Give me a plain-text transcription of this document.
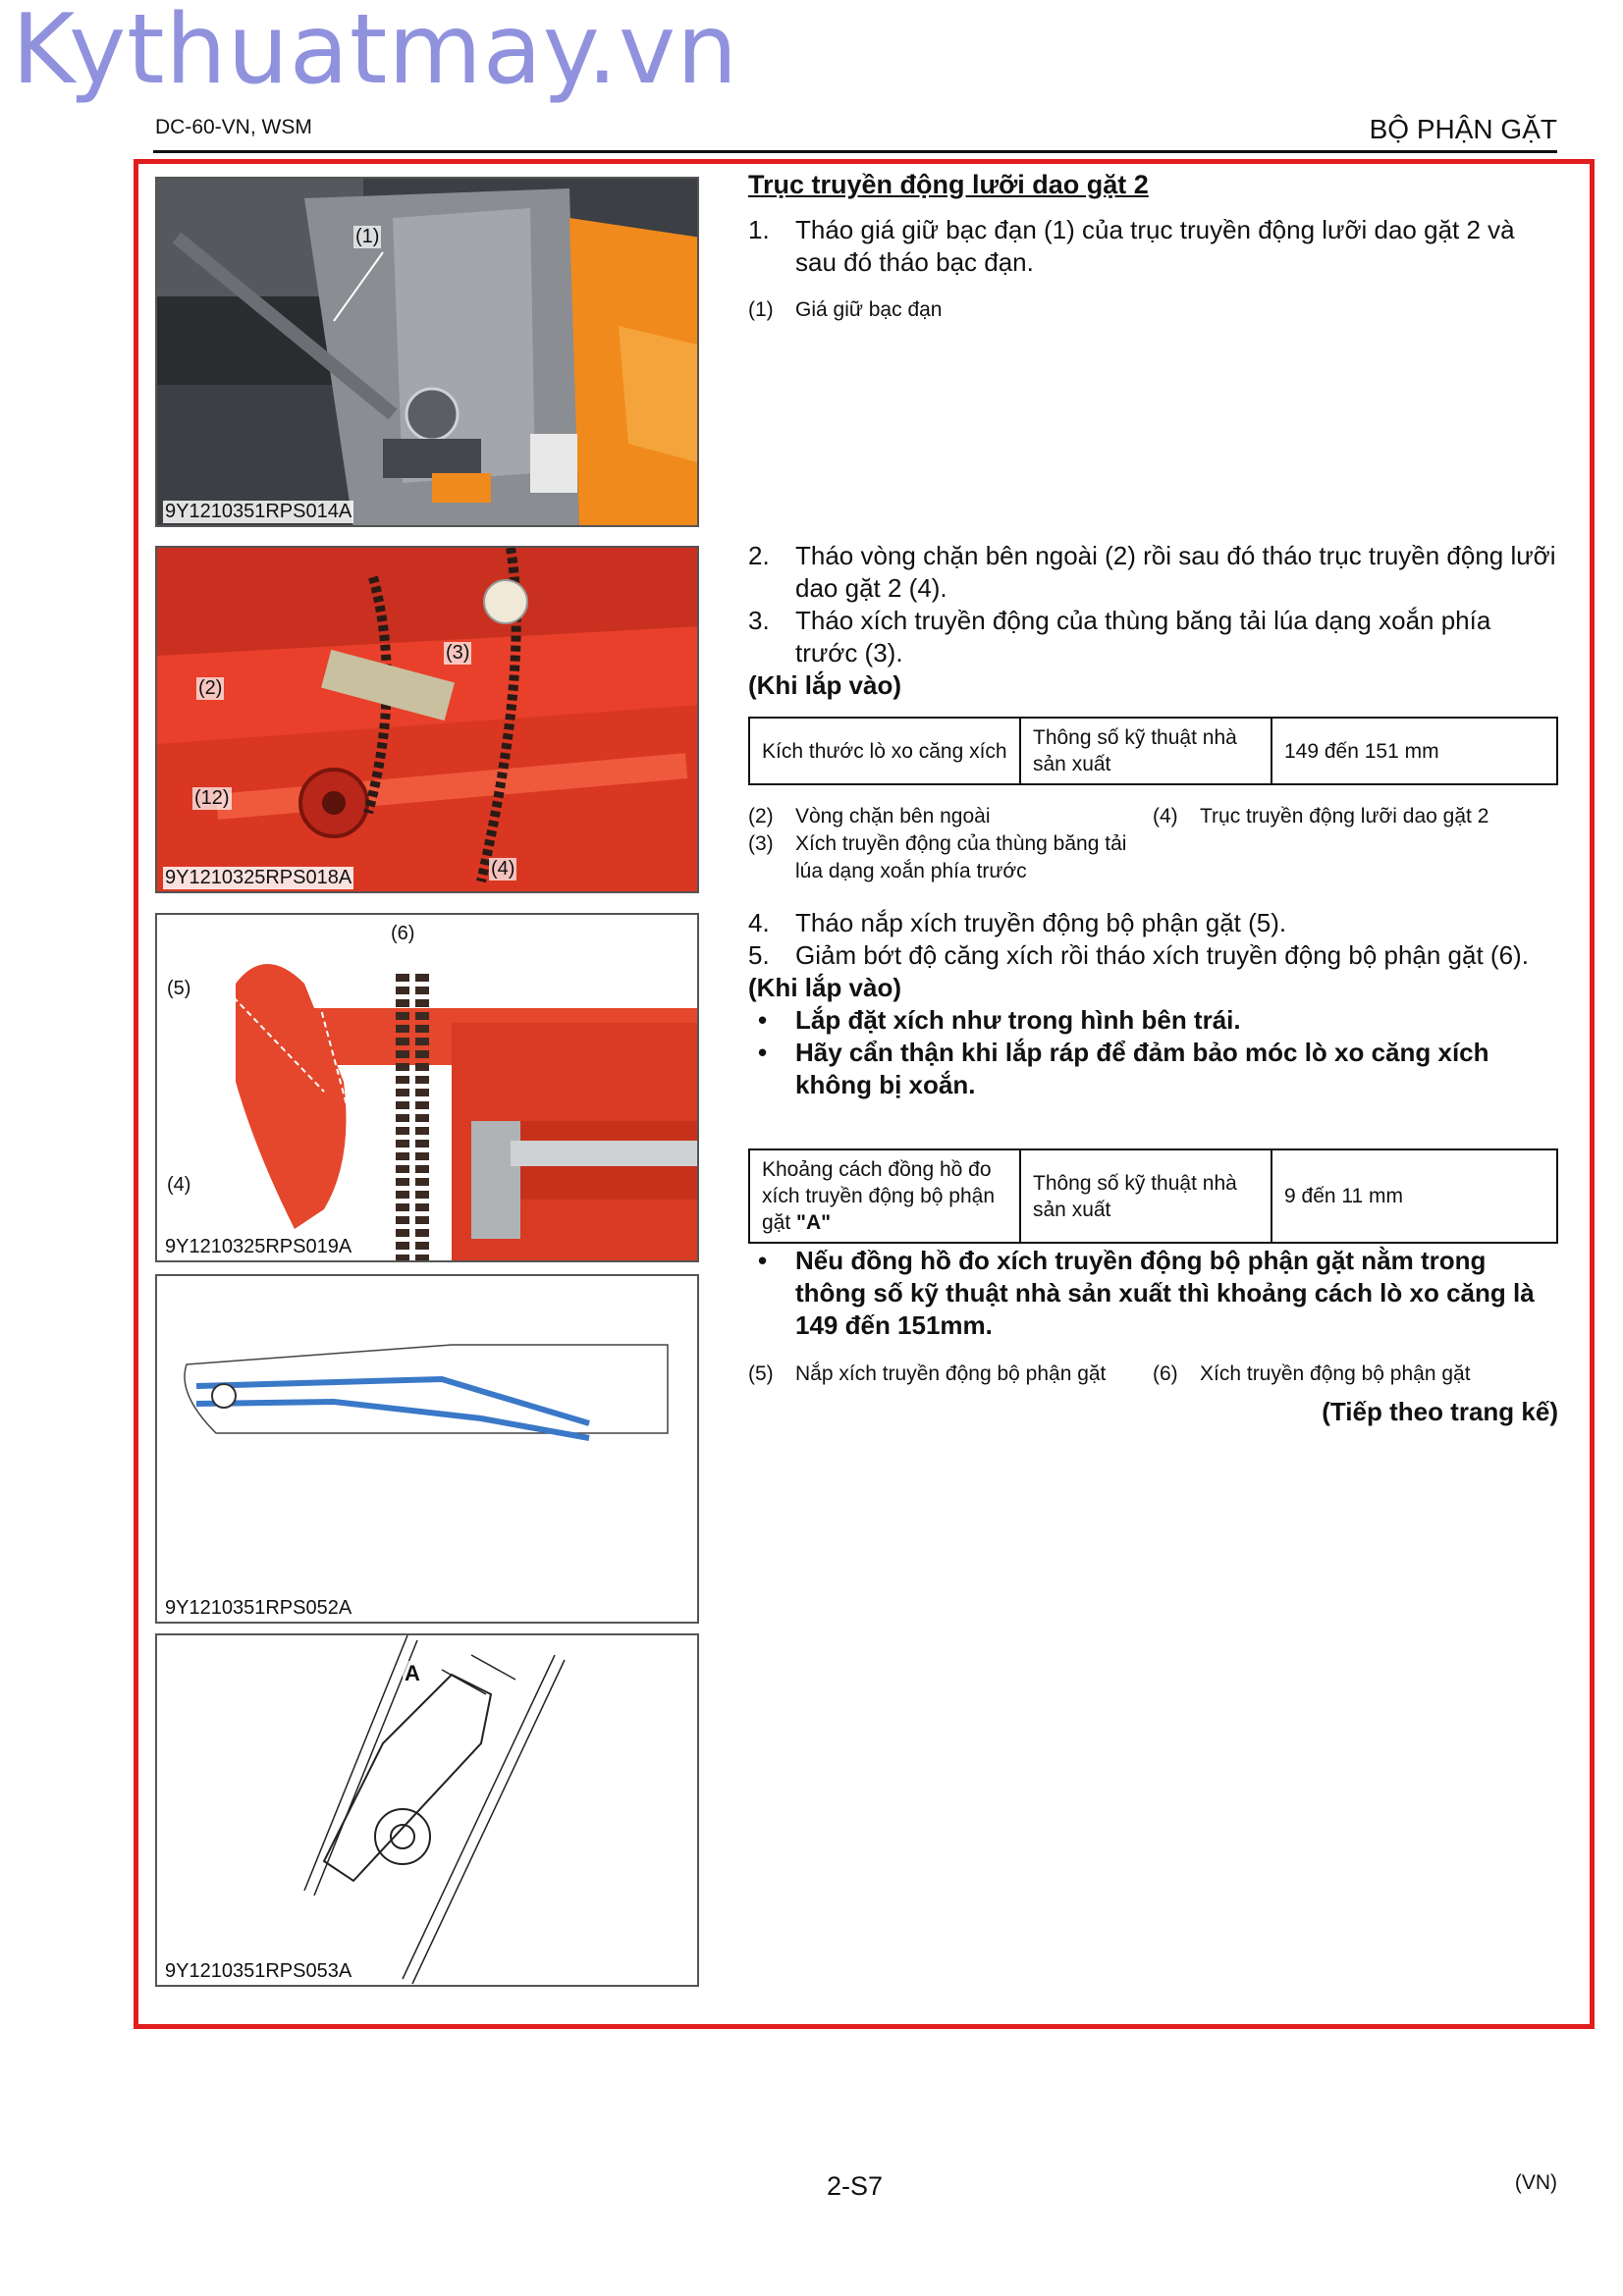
Kythuatmay.vn
DC-60-VN, WSM	BỘ PHẬN GẶT
(1)
9Y1210351RPS014A
(2)
(3)
(12)
(4)
9Y1210325RPS018A
(6)
(5)
(4)
9Y1210325RPS019A
9Y1210351RPS052A
A
9Y1210351RPS053A
Trục truyền động lưỡi dao gặt 2
1.	Tháo giá giữ bạc đạn (1) của trục truyền động lưỡi dao gặt 2 và sau đó tháo bạc đạn.
(1)	Giá giữ bạc đạn
2.	Tháo vòng chặn bên ngoài (2) rồi sau đó tháo trục truyền động lưỡi dao gặt 2 (4).
3.	Tháo xích truyền động của thùng băng tải lúa dạng xoắn phía trước (3).
(Khi lắp vào)
Kích thước lò xo căng xích	Thông số kỹ thuật nhà sản xuất	149 đến 151 mm
(2)	Vòng chặn bên ngoài	(4)	Trục truyền động lưỡi dao gặt 2
(3)	Xích truyền động của thùng băng tải lúa dạng xoắn phía trước
4.	Tháo nắp xích truyền động bộ phận gặt (5).
5.	Giảm bớt độ căng xích rồi tháo xích truyền động bộ phận gặt (6).
(Khi lắp vào)
•	Lắp đặt xích như trong hình bên trái.
•	Hãy cẩn thận khi lắp ráp để đảm bảo móc lò xo căng xích không bị xoắn.
Khoảng cách đồng hồ đo xích truyền động bộ phận gặt "A"	Thông số kỹ thuật nhà sản xuất	9 đến 11 mm
•	Nếu đồng hồ đo xích truyền động bộ phận gặt nằm trong thông số kỹ thuật nhà sản xuất thì khoảng cách lò xo căng là 149 đến 151mm.
(5)	Nắp xích truyền động bộ phận gặt (6)	Xích truyền động bộ phận gặt
(Tiếp theo trang kế)
2-S7	(VN)
